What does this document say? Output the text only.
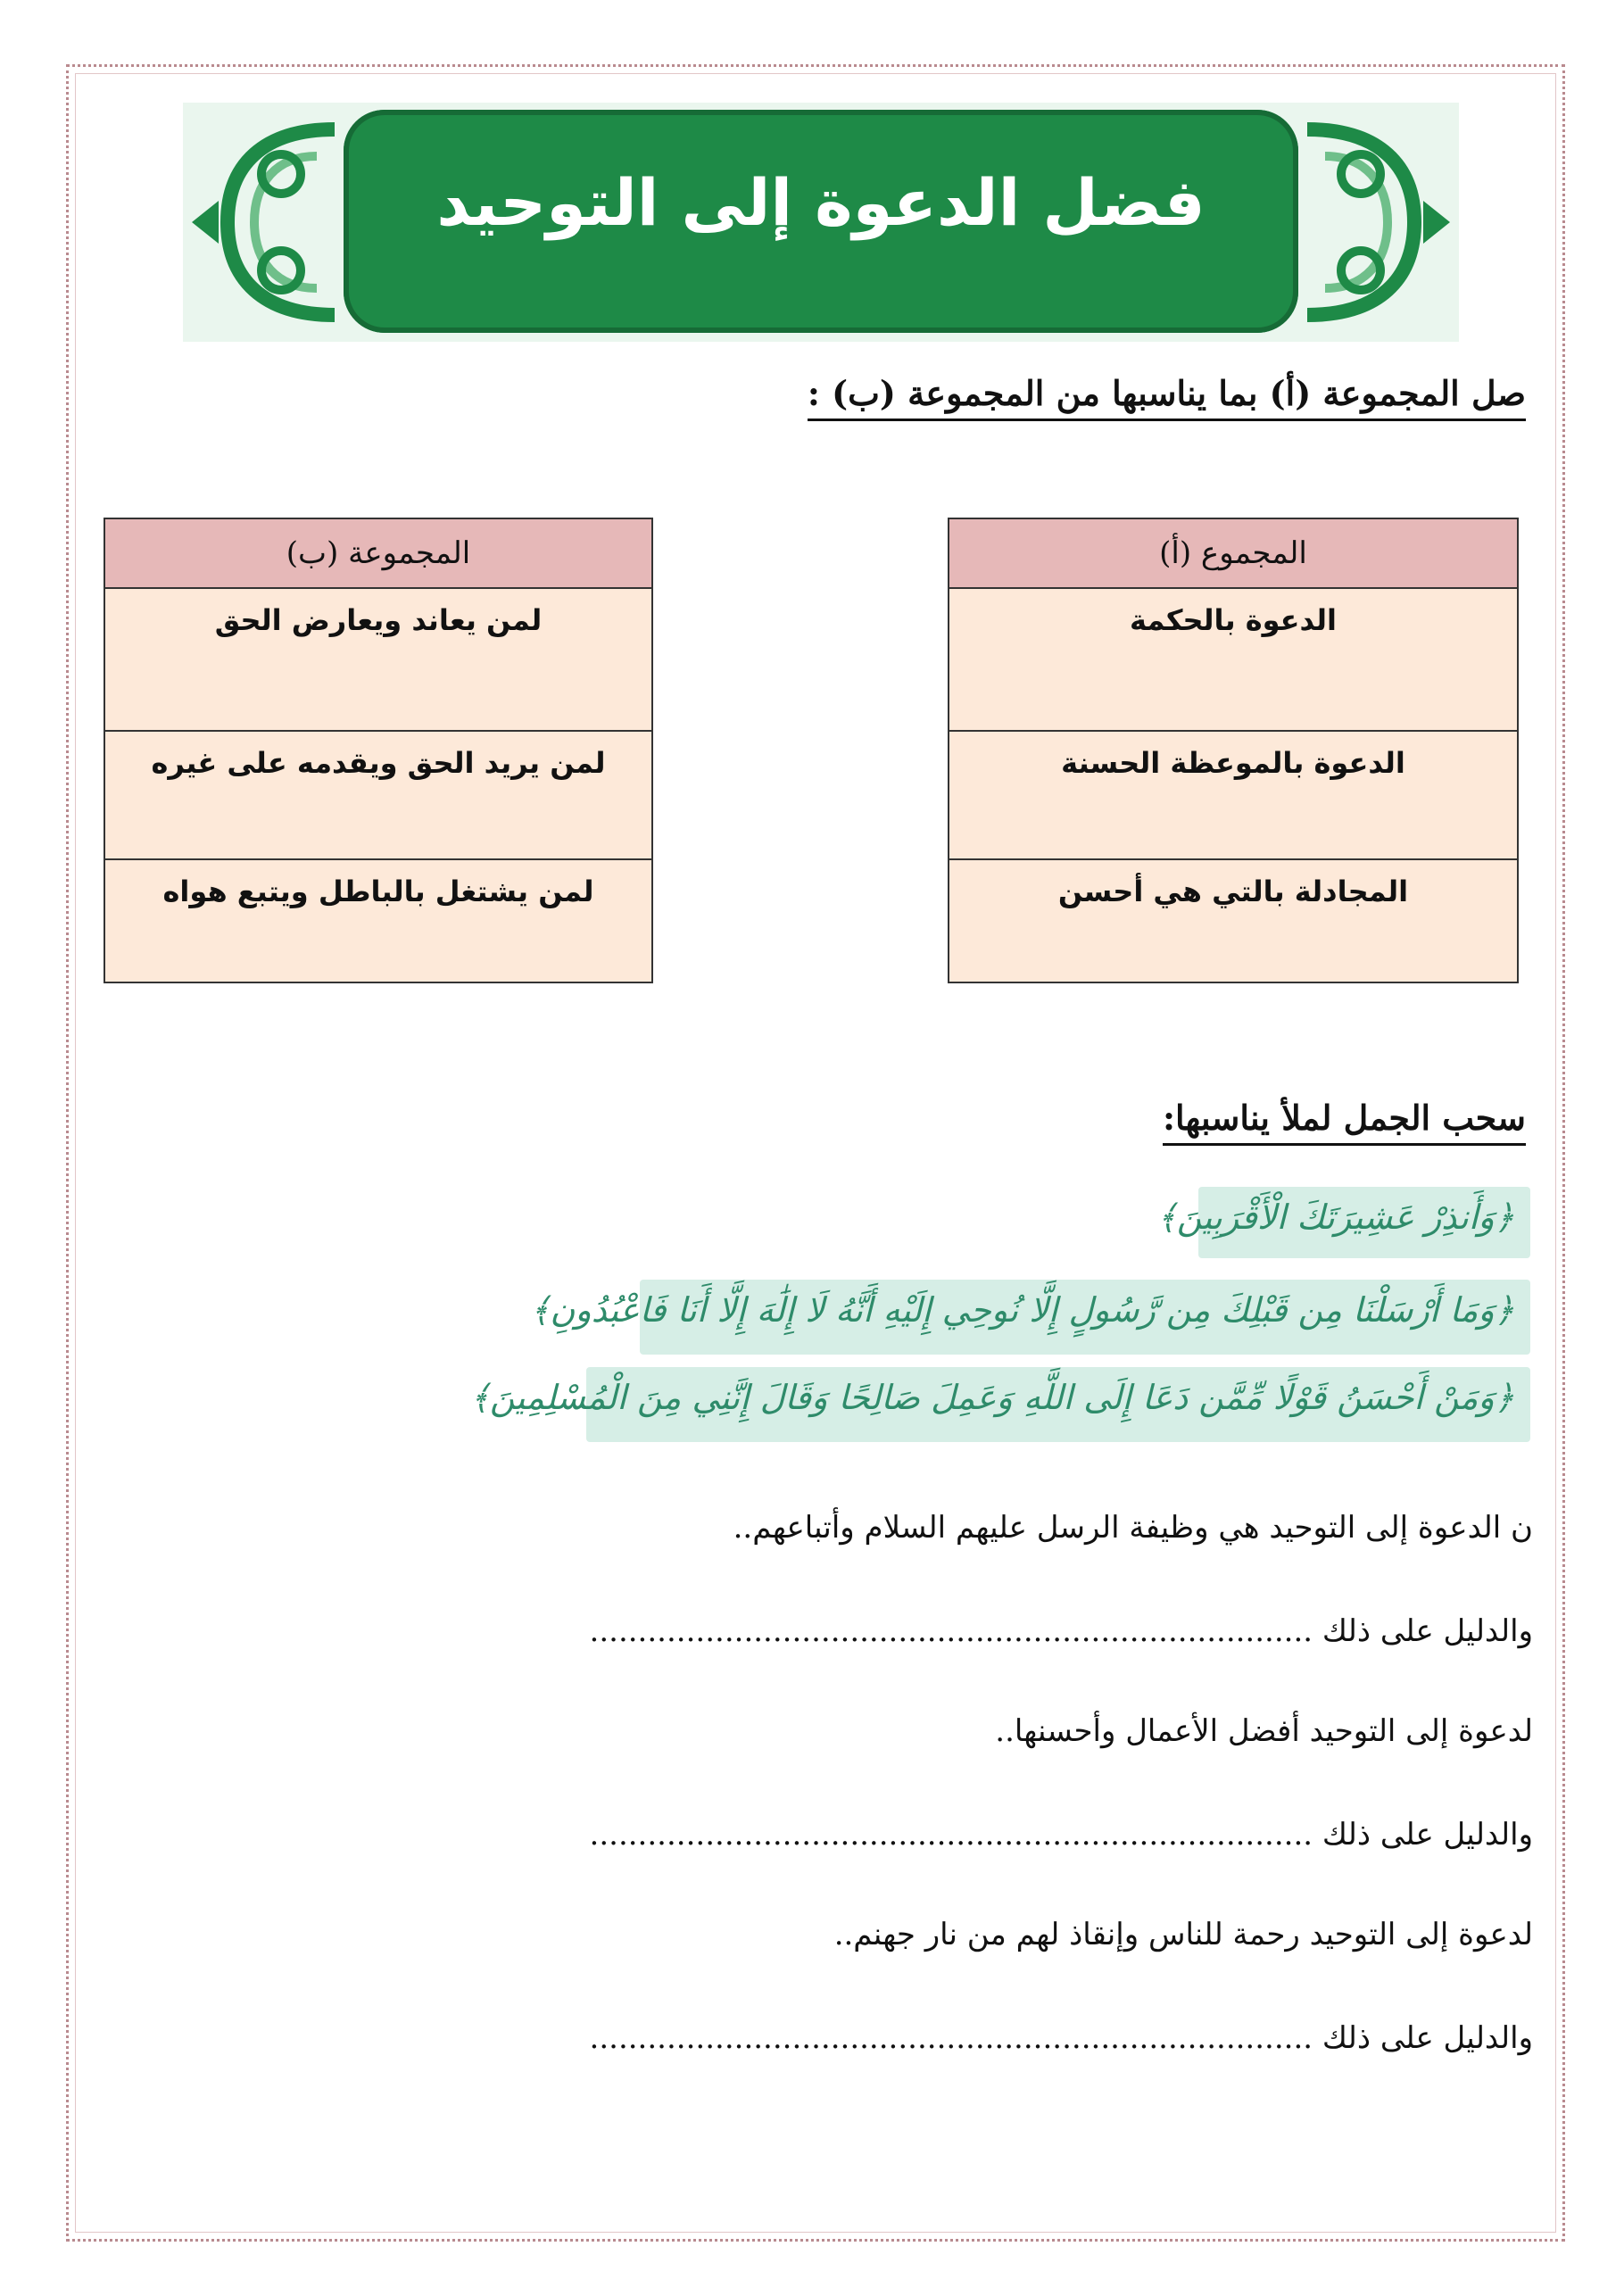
فضل الدعوة إلى التوحيد
صل المجموعة (أ) بما يناسبها من المجموعة (ب) :
المجموع (أ)
الدعوة بالحكمة
الدعوة بالموعظة الحسنة
المجادلة بالتي هي أحسن
المجموعة (ب)
لمن يعاند ويعارض الحق
لمن يريد الحق ويقدمه على غيره
لمن يشتغل بالباطل ويتبع هواه
سحب الجمل لملأ يناسبها:
﴿وَأَنذِرْ عَشِيرَتَكَ الْأَقْرَبِينَ﴾
﴿وَمَا أَرْسَلْنَا مِن قَبْلِكَ مِن رَّسُولٍ إِلَّا نُوحِي إِلَيْهِ أَنَّهُ لَا إِلَٰهَ إِلَّا أَنَا فَاعْبُدُونِ﴾
﴿وَمَنْ أَحْسَنُ قَوْلًا مِّمَّن دَعَا إِلَى اللَّهِ وَعَمِلَ صَالِحًا وَقَالَ إِنَّنِي مِنَ الْمُسْلِمِينَ﴾
ن الدعوة إلى التوحيد هي وظيفة الرسل عليهم السلام وأتباعهم..
والدليل على ذلك ...........................................................................
لدعوة إلى التوحيد أفضل الأعمال وأحسنها..
والدليل على ذلك ...........................................................................
لدعوة إلى التوحيد رحمة للناس وإنقاذ لهم من نار جهنم..
والدليل على ذلك ...........................................................................
